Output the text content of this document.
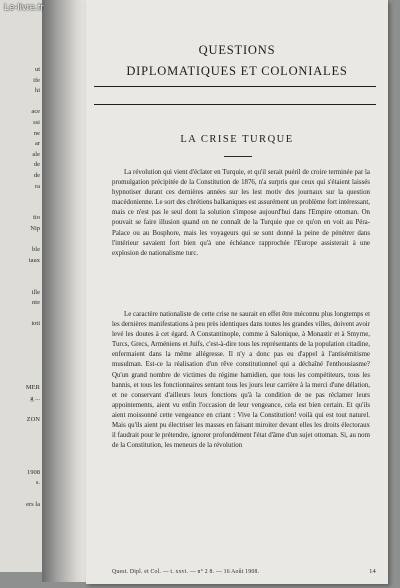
Le-livre.fr
ut
ife
hi
ace
ssi
ne
ar
ale
de
de
ra
tio
Nip
ble
taux
ille
nte
ioti
MER
g ...
ZON
1908
s.
ers la
QUESTIONS
DIPLOMATIQUES ET COLONIALES
LA CRISE TURQUE

La révolution qui vient d'éclater en Turquie, et qu'il serait puéril de croire terminée par la promulgation précipitée de la Constitution de 1876, n'a surpris que ceux qui s'étaient laissés hypnotiser durant ces dernières années sur les lest motiv des journaux sur la question macédonienne. Le sort des chrétiens balkaniques est assurément un problème fort intéressant, mais ce n'est pas le seul dont la solution s'impose aujourd'hui dans l'Empire ottoman. On pouvait se faire illusion quand on ne connaît de la Turquie que ce qu'on en voit au Péra-Palace ou au Bosphore, mais les voyageurs qui se sont donné la peine de pénétrer dans l'intérieur savaient fort bien qu'à une échéance rapprochée l'Europe assisterait à une explosion de nationalisme turc.

Le caractère nationaliste de cette crise ne saurait en effet être méconnu plus longtemps et les dernières manifestations à peu près identiques dans toutes les grandes villes, doivent avoir levé les doutes à cet égard. A Constantinople, comme à Salonique, à Monastir et à Smyrne, Turcs, Grecs, Arméniens et Juifs, c'est-à-dire tous les représentants de la population citadine, enfermaient dans la même allégresse. Il n'y a donc pas eu d'appel à l'antisémitisme musulman. Est-ce la réalisation d'un rêve constitutionnel qui a déchaîné l'enthousiasme? Qu'un grand nombre de victimes du régime hamidien, que tous les compétiteurs, tous les bannis, et tous les fonctionnaires sentant tous les jours leur carrière à la merci d'une délation, et ne conservant d'ailleurs leurs fonctions qu'à la condition de ne pas réclamer leurs appointements, aient vu enfin l'occasion de leur vengeance, cela est bien certain. Et qu'ils aient moissonné cette vengeance en criant : Vive la Constitution! voilà qui est tout naturel. Mais qu'ils aient pu électriser les masses en faisant miroiter devant elles les droits électoraux il faudrait pour le prétendre, ignorer profondément l'état d'âme d'un sujet ottoman. Si, au nom de la Constitution, les meneurs de la révolution

Quest. Dipl. et Col. — t. xxvi. — n° 2 8. — 16 Août 1908.	14
